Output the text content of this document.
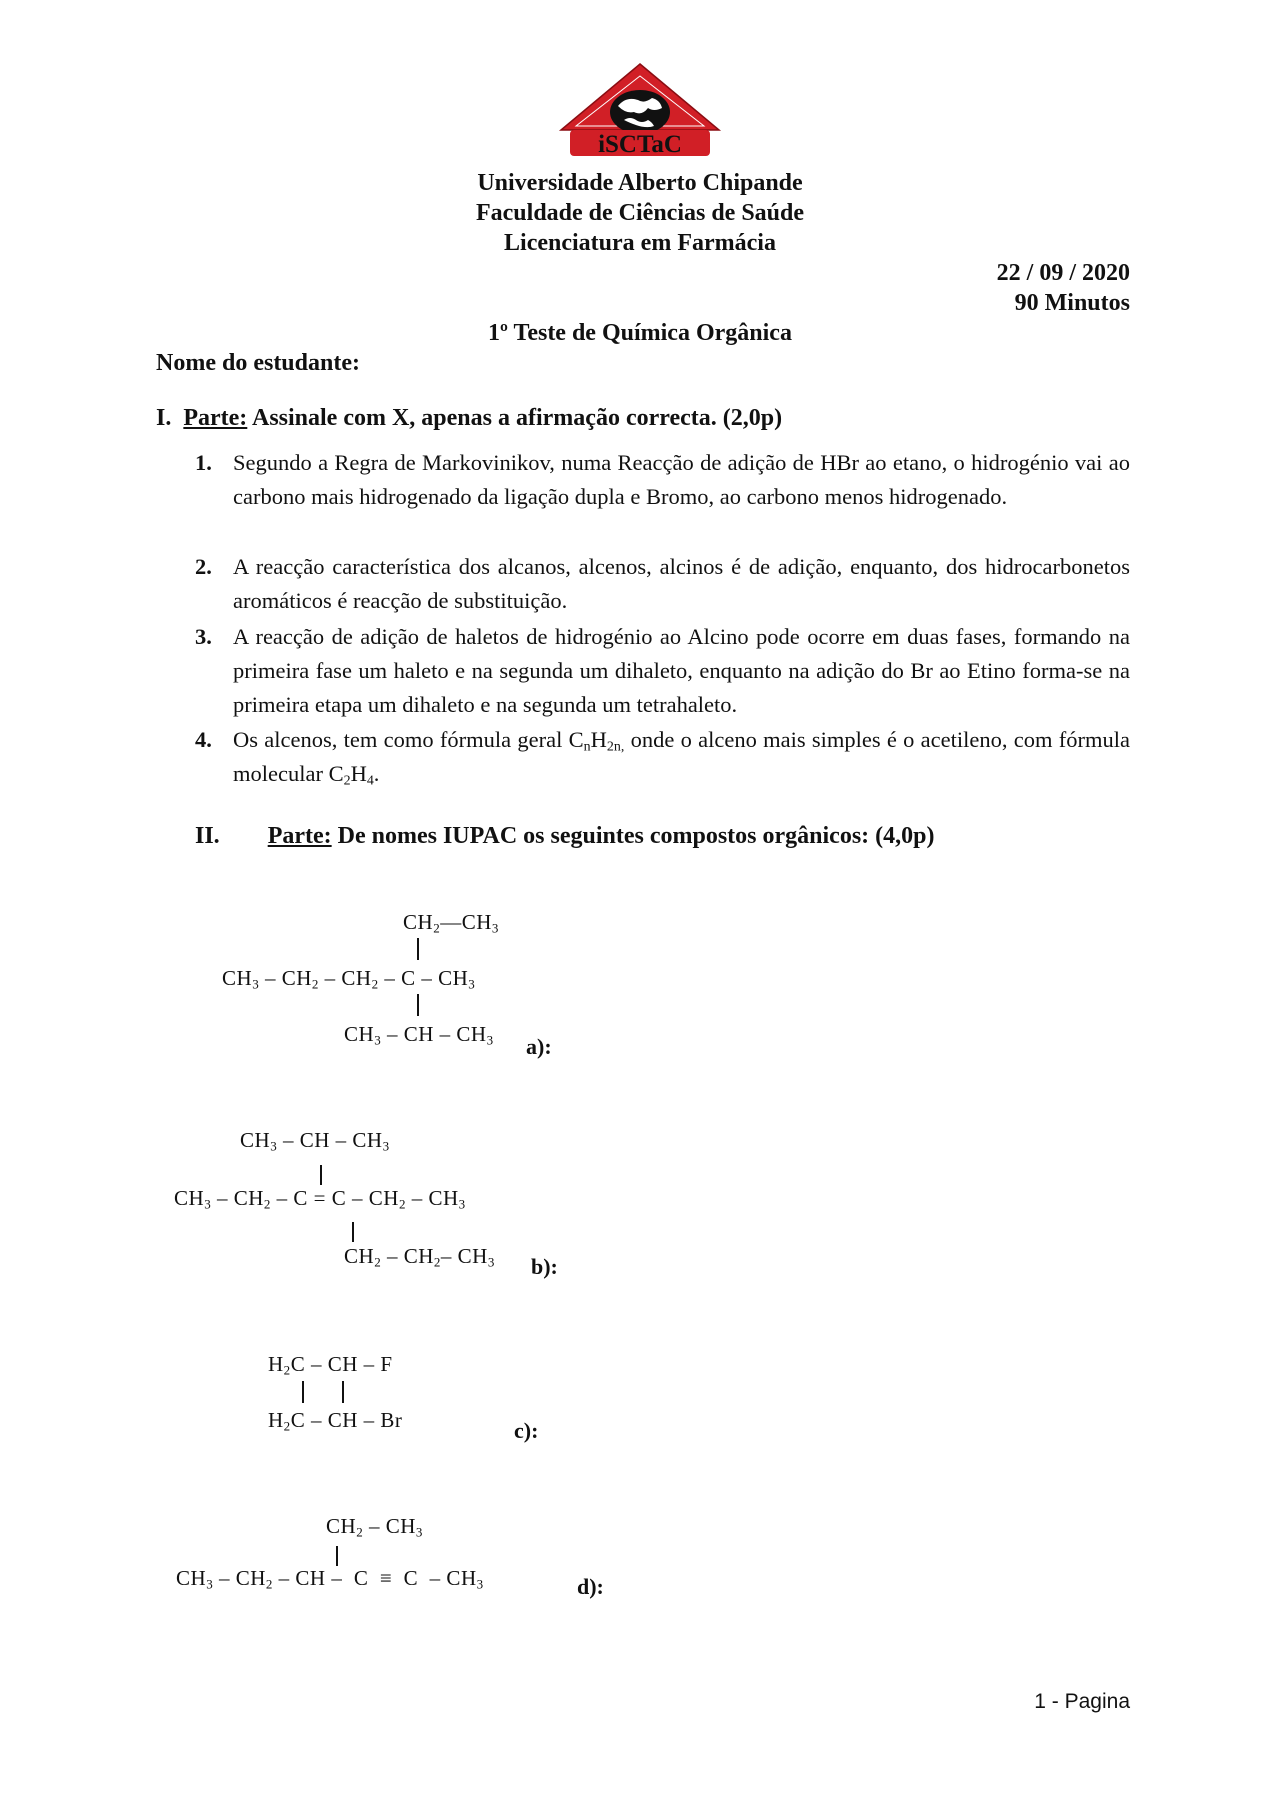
iSCTaC
Universidade Alberto Chipande
Faculdade de Ciências de Saúde
Licenciatura em Farmácia
22 / 09 / 2020
90 Minutos
1º Teste de Química Orgânica
Nome do estudante:
I. Parte: Assinale com X, apenas a afirmação correcta. (2,0p)
1. Segundo a Regra de Markovinikov, numa Reacção de adição de HBr ao etano, o hidrogénio vai ao carbono mais hidrogenado da ligação dupla e Bromo, ao carbono menos hidrogenado.
2. A reacção característica dos alcanos, alcenos, alcinos é de adição, enquanto, dos hidrocarbonetos aromáticos é reacção de substituição.
3. A reacção de adição de haletos de hidrogénio ao Alcino pode ocorre em duas fases, formando na primeira fase um haleto e na segunda um dihaleto, enquanto na adição do Br ao Etino forma-se na primeira etapa um dihaleto e na segunda um tetrahaleto.
4. Os alcenos, tem como fórmula geral $C_nH_{2n,}$ onde o alceno mais simples é o acetileno, com fórmula molecular $C_2H_4$.
II. Parte: De nomes IUPAC os seguintes compostos orgânicos: (4,0p)
$CH_2—CH_3$
$CH_3 - CH_2 - CH_2$ – C – $CH_3$
$CH_3$ – CH – $CH_3$ a):
$CH_3$ – CH – $CH_3$
$CH_3 - CH_2 - C = C - CH_2 - CH_3$
$CH_2 - CH_2-$ $CH_3$ b):
$H_2C$ – CH – F
$H_2C$ – CH – Br	c):
$CH_2 - CH_3$
$CH_3 - CH_2$ – CH –  $C \equiv C - CH_3$	d):
1 - Pagina
